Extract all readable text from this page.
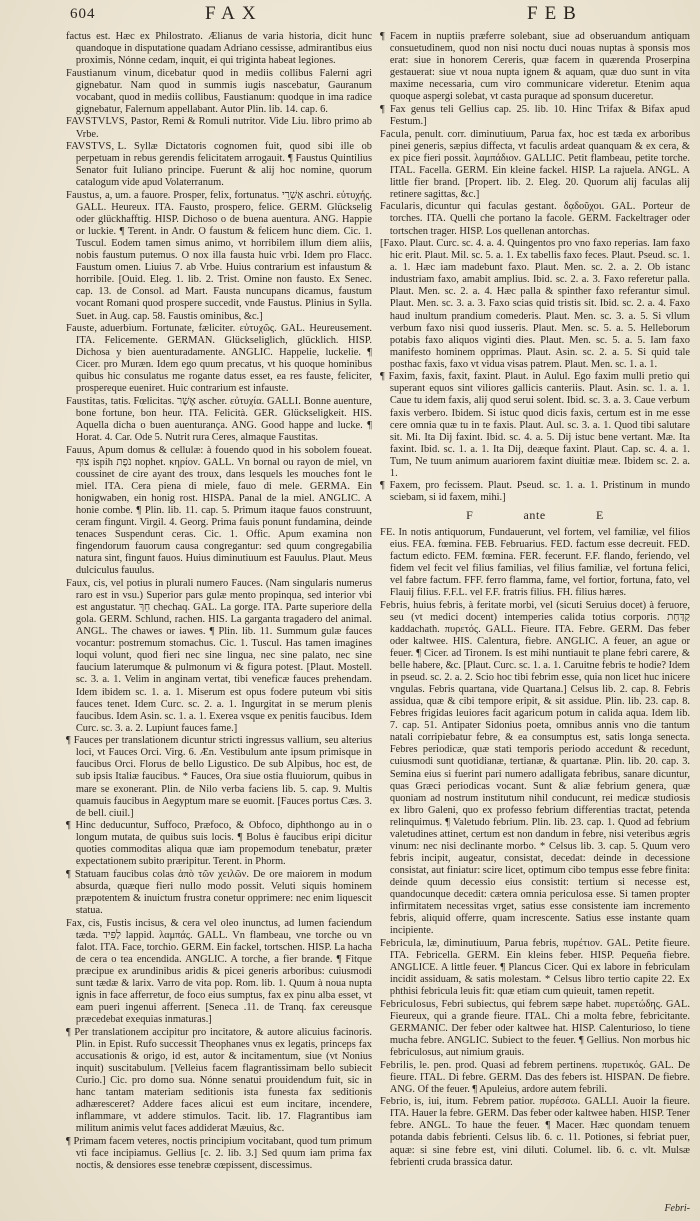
604	FAX	FEB

factus est. Hæc ex Philostrato. Ælianus de varia historia, dicit hunc quandoque in disputatione quadam Adriano cessisse, admirantibus eius proximis, Nónne cedam, inquit, ei qui triginta habeat legiones.

Faustianum vinum, dicebatur quod in mediis collibus Falerni agri gignebatur. Nam quod in summis iugis nascebatur, Gauranum vocabant, quod in mediis collibus, Faustianum: quodque in ima radice gignebatur, Falernum appellabant. Autor Plin. lib. 14. cap. 6.

FAVSTVLVS, Pastor, Remi & Romuli nutritor. Vide Liu. libro primo ab Vrbe.

FAVSTVS, L. Syllæ Dictatoris cognomen fuit, quod sibi ille ob perpetuam in rebus gerendis felicitatem arrogauit. ¶ Faustus Quintilius Senator fuit Iuliano principe. Fuerunt & alij hoc nomine, quorum catalogum vide apud Volaterranum.

Faustus, a, um. a fauore. Prosper, felix, fortunatus. אַשְׁרֵי aschri. εὐτυχής. GALL. Heureux. ITA. Fausto, prospero, felice. GERM. Glückselig oder glückhafftig. HISP. Dichoso o de buena auentura. ANG. Happie or luckie. ¶ Terent. in Andr. O faustum & felicem hunc diem. Cic. 1. Tuscul. Eodem tamen simus animo, vt horribilem illum diem aliis, nobis faustum putemus. O nox illa fausta huic vrbi. Idem pro Flacc. Faustum omen. Liuius 7. ab Vrbe. Huius contrarium est infaustum & horribile. [Ouid. Eleg. 1. lib. 2. Trist. Omine non fausto. Ex Senec. cap. 13. de Consol. ad Mart. Fausta nuncupans dicamus, faustum vocant Romani quod prospere succedit, vnde Faustus. Plinius in Sylla. Suet. in Aug. cap. 58. Faustis ominibus, &c.]

Fauste, aduerbium. Fortunate, fæliciter. εὐτυχῶς. GAL. Heureusement. ITA. Felicemente. GERMAN. Glückseliglich, glücklich. HISP. Dichosa y bien auenturadamente. ANGLIC. Happelie, luckelie. ¶ Cicer. pro Muræn. Idem ego quum precatus, vt his quoque hominibus quibus hic consulatus me rogante datus esset, ea res fauste, feliciter, prospereque eueniret. Huic contrarium est infauste.

Faustitas, tatis. Fœlicitas. אֶשֶׁר ascher. εὐτυχία. GALLI. Bonne auenture, bone fortune, bon heur. ITA. Felicità. GER. Glückseligkeit. HIS. Aquella dicha o buen auenturança. ANG. Good happe and lucke. ¶ Horat. 4. Car. Ode 5. Nutrit rura Ceres, almaque Faustitas.

Fauus, Apum domus & cellulæ: à fouendo quod in his sobolem foueat. צוּף ispih נֹפֶת nophet. κηρίον. GALL. Vn bornal ou rayon de miel, vn coussinet de cire ayant des troux, dans lesquels les mouches font le miel. ITA. Cera piena di miele, fauo di mele. GERMA. Ein honigwaben, ein honig rost. HISPA. Panal de la miel. ANGLIC. A honie combe. ¶ Plin. lib. 11. cap. 5. Primum itaque fauos construunt, ceram fingunt. Virgil. 4. Georg. Prima fauis ponunt fundamina, deinde tenaces Suspendunt ceras. Cic. 1. Offic. Apum examina non fingendorum fauorum causa congregantur: sed quum congregabilia natura sint, fingunt fauos. Huius diminutiuum est Fauulus. Plaut. Meus dulciculus fauulus.

Faux, cis, vel potius in plurali numero Fauces. (Nam singularis numerus raro est in vsu.) Superior pars gulæ mento propinqua, sed interior vbi est angustatur. חֵךְ chechaq. GAL. La gorge. ITA. Parte superiore della gola. GERM. Schlund, rachen. HIS. La garganta tragadero del animal. ANGL. The chawes or iawes. ¶ Plin. lib. 11. Summum gulæ fauces vocantur: postremum stomachus. Cic. 1. Tuscul. Has tamen imagines loqui volunt, quod fieri nec sine lingua, nec sine palato, nec sine faucium laterumque & pulmonum vi & figura potest. [Plaut. Mostell. sc. 3. a. 1. Velim in anginam vertat, tibi veneficæ fauces prehendam. Idem ibidem sc. 1. a. 1. Miserum est opus fodere puteum vbi sitis fauces tenet. Idem Curc. sc. 2. a. 1. Ingurgitat in se merum plenis faucibus. Idem Asin. sc. 1. a. 1. Exerea vsque ex penitis faucibus. Idem Curc. sc. 3. a. 2. Lupiunt fauces fame.]

¶ Fauces per translationem dicuntur stricti ingressus vallium, seu alterius loci, vt Fauces Orci. Virg. 6. Æn. Vestibulum ante ipsum primisque in faucibus Orci. Florus de bello Ligustico. De sub Alpibus, hoc est, de sub ipsis Italiæ faucibus. * Fauces, Ora siue ostia fluuiorum, quibus in mare se exonerant. Plin. de Nilo verba faciens lib. 5. cap. 9. Multis quamuis faucibus in Aegyptum mare se euomit. [Fauces portus Cæs. 3. de bell. ciuil.]

¶ Hinc deducuntur, Suffoco, Præfoco, & Obfoco, diphthongo au in o longum mutata, de quibus suis locis. ¶ Bolus è faucibus eripi dicitur quoties commoditas aliqua quæ iam propemodum tenebatur, præter expectationem subito præripitur. Terent. in Phorm.

¶ Statuam faucibus colas ἀπὸ τῶν χειλῶν. De ore maiorem in modum absurda, quæque fieri nullo modo possit. Veluti siquis hominem præpotentem & inuictum frustra conetur opprimere: nec enim liquescit statua.

Fax, cis, Fustis incisus, & cera vel oleo inunctus, ad lumen faciendum tæda. לַפִּיד lappid. λαμπάς. GALL. Vn flambeau, vne torche ou vn falot. ITA. Face, torchio. GERM. Ein fackel, tortschen. HISP. La hacha de cera o tea encendida. ANGLIC. A torche, a fier brande. ¶ Fitque præcipue ex arundinibus aridis & picei generis arboribus: cuiusmodi sunt tædæ & larix. Varro de vita pop. Rom. lib. 1. Quum à noua nupta ignis in face afferretur, de foco eius sumptus, fax ex pinu alba esset, vt eam pueri ingenui afferrent. [Seneca .11. de Tranq. fax cereusque præcedebat exequias inmaturas.]

¶ Per translationem accipitur pro incitatore, & autore alicuius facinoris. Plin. in Epist. Rufo successit Theophanes vnus ex legatis, princeps fax accusationis & origo, id est, autor & incitamentum, siue (vt Nonius inquit) suscitabulum. [Velleius facem flagrantissimam bello subiecit Curio.] Cic. pro domo sua. Nónne senatui prouidendum fuit, sic in hanc tantam materiam seditionis ista funesta fax seditionis adhæresceret? Addere faces alicui est eum incitare, incendere, inflammare, vt addere stimulos. Tacit. lib. 17. Flagrantibus iam militum animis velut faces addiderat Mæuius, &c.

¶ Primam facem veteres, noctis principium vocitabant, quod tum primum vti face incipiamus. Gellius [c. 2. lib. 3.] Sed quum iam prima fax noctis, & densiores esse tenebræ cœpissent, discessimus.

¶ Facem in nuptiis præferre solebant, siue ad obseruandum antiquam consuetudinem, quod non nisi noctu duci nouas nuptas à sponsis mos erat: siue in honorem Cereris, quæ facem in quærenda Proserpina gestauerat: siue vt noua nupta ignem & aquam, quæ duo sunt in vita maxime necessaria, cum viro communicare videretur. Etenim aqua quoque aspergi solebat, vt casta puraque ad sponsum duceretur.

¶ Fax genus teli Gellius cap. 25. lib. 10. Hinc Trifax & Bifax apud Festum.]

Facula, penult. corr. diminutiuum, Parua fax, hoc est tæda ex arboribus pinei generis, sæpius diffecta, vt faculis ardeat quanquam & ex cera, & ex pice fieri possit. λαμπάδιον. GALLIC. Petit flambeau, petite torche. ITAL. Facella. GERM. Ein kleine fackel. HISP. La rajuela. ANGL. A little fier brand. [Propert. lib. 2. Eleg. 20. Quorum alij faculas alij retinere sagittas, &c.]

Facularis, dicuntur qui faculas gestant. δᾳδοῦχοι. GAL. Porteur de torches. ITA. Quelli che portano la facole. GERM. Fackeltrager oder tortschen trager. HISP. Los quellenan antorchas.

[Faxo. Plaut. Curc. sc. 4. a. 4. Quingentos pro vno faxo reperias. Iam faxo hic erit. Plaut. Mil. sc. 5. a. 1. Ex tabellis faxo feces. Plaut. Pseud. sc. 1. a. 1. Hæc iam madebunt faxo. Plaut. Men. sc. 2. a. 2. Ob istanc industriam faxo, amabit amplius. Ibid. sc. 2. a. 3. Faxo referetur palla. Plaut. Men. sc. 2. a. 4. Hæc palla & spinther faxo referantur simul. Plaut. Men. sc. 3. a. 3. Faxo scias quid tristis sit. Ibid. sc. 2. a. 4. Faxo haud inultum prandium comederis. Plaut. Men. sc. 3. a. 5. Si vllum verbum faxo nisi quod iusseris. Plaut. Men. sc. 5. a. 5. Helleborum potabis faxo aliquos viginti dies. Plaut. Men. sc. 5. a. 5. Iam faxo manifesto hominem opprimas. Plaut. Asin. sc. 2. a. 5. Si quid tale posthac faxis, faxo vt vidua visas patrem. Plaut. Men. sc. 1. a. 1.

¶ Faxim, faxis, faxit, faxint. Plaut. in Aulul. Ego faxim mulli pretio qui superant equos sint viliores gallicis canteriis. Plaut. Asin. sc. 1. a. 1. Caue tu idem faxis, alij quod serui solent. Ibid. sc. 3. a. 3. Caue verbum faxis verbero. Ibidem. Si istuc quod dicis faxis, certum est in me esse cere omnia quæ tu in te faxis. Plaut. Aul. sc. 3. a. 1. Quod tibi salutare sit. Mi. Ita Dij faxint. Ibid. sc. 4. a. 5. Dij istuc bene vertant. Mæ. Ita faxint. Ibid. sc. 1. a. 1. Ita Dij, deæque faxint. Plaut. Cap. sc. 4. a. 1. Tum, Ne tuum animum auariorem faxint diuitiæ meæ. Ibidem sc. 2. a. 1.

¶ Faxem, pro fecissem. Plaut. Pseud. sc. 1. a. 1. Pristinum in mundo sciebam, si id faxem, mihi.]

F	ante	E

FE. In notis antiquorum, Fundauerunt, vel fortem, vel familiæ, vel filios eius. FEA. fœmina. FEB. Februarius. FED. factum esse decreuit. FED. factum edicto. FEM. fœmina. FER. fecerunt. F.F. flando, feriendo, vel fidem vel fecit vel filius familias, vel filius familiæ, vel fortuna felici, vel fabre factum. FFF. ferro flamma, fame, vel fortior, fortuna, fato, vel Flauij filius. F.F.L. vel F.F. fratris filius. FH. filius hæres.

Febris, huius febris, à feritate morbi, vel (sicuti Seruius docet) à feruore, seu (vt medici docent) intemperies calida totius corporis. קַדַּחַת kaddachath. πυρετός. GALL. Fieure. ITA. Febre. GERM. Das feber oder kaltwee. HIS. Calentura, fiebre. ANGLIC. A feuer, an ague or feuer. ¶ Cicer. ad Tironem. Is est mihi nuntiauit te plane febri carere, & belle habere, &c. [Plaut. Curc. sc. 1. a. 1. Caruitne febris te hodie? Idem in pseud. sc. 2. a. 2. Scio hoc tibi febrim esse, quia non licet huc inicere vngulas. Febris quartana, vide Quartana.] Celsus lib. 2. cap. 8. Febris assidua, quæ & cibi tempore eripit, & sit assidue. Plin. lib. 23. cap. 8. Febres frigidas leuiores facit agaricum potum in calida aqua. Idem lib. 7. cap. 51. Antipater Sidonius poeta, omnibus annis vno die tantum natali corripiebatur febre, & ea consumptus est, satis longa senecta. Febres periodicæ, quæ stati temporis periodo accedunt & recedunt, cuiusmodi sunt quotidianæ, tertianæ, & quartanæ. Plin. lib. 20. cap. 3. Semina eius si fuerint pari numero adalligata febribus, sanare dicuntur, quas Græci periodicas vocant. Sunt & aliæ febrium genera, quæ quoniam ad nostrum institutum nihil conducunt, rei medicæ studiosis ex libro Galeni, quo ex professo febrium differentias tractat, petenda relinquimus. ¶ Valetudo febrium. Plin. lib. 23. cap. 1. Quod ad febrium valetudines attinet, certum est non dandum in febre, nisi veteribus ægris vinum: nec nisi declinante morbo. * Celsus lib. 3. cap. 5. Quum vero febris incipit, augeatur, consistat, decedat: deinde in decessione consistat, aut finiatur: scire licet, optimum cibo tempus esse febre finita: deinde quum decessio eius consistit: tertium si necesse est, quandocunque decedit: cætera omnia periculosa esse. Si tamen propter infirmitatem necessitas vrget, satius esse consistente iam incremento febris, aliquid offerre, quam increscente. Satius esse instante quam incipiente.

Febricula, læ, diminutiuum, Parua febris, πυρέτιον. GAL. Petite fieure. ITA. Febricella. GERM. Ein kleins feber. HISP. Pequeña fiebre. ANGLICE. A little feuer. ¶ Plancus Cicer. Qui ex labore in febriculam incidit assiduam, & satis molestam. * Celsus libro tertio capite 22. Ex phthisi febricula leuis fit: quæ etiam cum quieuit, tamen repetit.

Febriculosus, Febri subiectus, qui febrem sæpe habet. πυρετώδης. GAL. Fieureux, qui a grande fieure. ITAL. Chi a molta febre, febricitante. GERMANIC. Der feber oder kaltwee hat. HISP. Calenturioso, lo tiene mucha febre. ANGLIC. Subiect to the feuer. ¶ Gellius. Non morbus hic febriculosus, aut nimium grauis.

Febrilis, le. pen. prod. Quasi ad febrem pertinens. πυρετικός. GAL. De fieure. ITAL. Di febre. GERM. Das des febers ist. HISPAN. De fiebre. ANG. Of the feuer. ¶ Apuleius, ardore autem febrili.

Febrio, is, iui, itum. Febrem patior. πυρέσσω. GALLI. Auoir la fieure. ITA. Hauer la febre. GERM. Das feber oder kaltwee haben. HISP. Tener febre. ANGL. To haue the feuer. ¶ Macer. Hæc quondam tenuem potanda dabis febrienti. Celsus lib. 6. c. 11. Potiones, si febriat puer, aquæ: si sine febre est, vini diluti. Columel. lib. 6. c. vlt. Mulsæ febrienti cruda brassica datur.

Febri-
